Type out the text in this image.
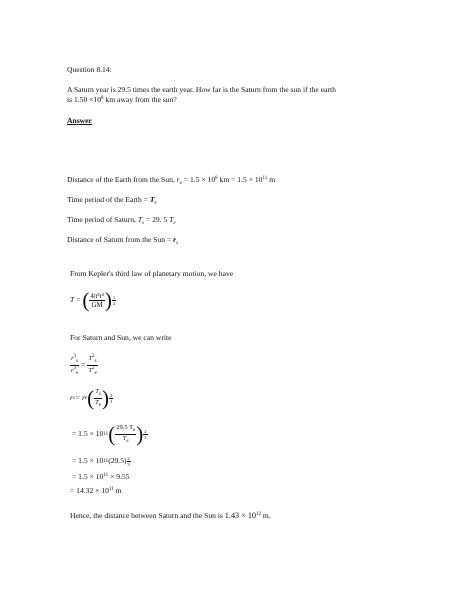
Question 8.14:
A Saturn year is 29.5 times the earth year. How far is the Saturn from the sun if the earth
is $1.50 \times 10^8$ km away from the sun?
Answer
Distance of the Earth from the Sun, $r_e = 1.5 \times 10^8$ km = $1.5 \times 10^{11}$ m
Time period of the Earth = $T_e$
Time period of Saturn, $T_s = 29$. 5 $T_e$
Distance of Saturn from the Sun = $r_s$
From Kepler's third law of planetary motion, we have
T = ( $\frac{\text{4π²r³}}{GM}$ ) $\frac{1}{2}$
For Saturn and Sun, we can write
$\frac{r^3_s}{r^3_e} = \frac{T^2_s}{T^2_e}$
r s = r e ( $\frac{T_s}{T_e}$ ) $\frac{2}{3}$
= 1.5 × 10 11 ( $\frac{29.5 T_e}{T_e}$ ) $\frac{2}{3}$
= 1.5 × 10 11 $(29.5) \frac{2}{3}$
= $1.5 \times 10^{11} \times 9.55$
= $14.32 \times 10^{11}$ m
Hence, the distance between Saturn and the Sun is $1.43 \times 10^{12}$ m.
